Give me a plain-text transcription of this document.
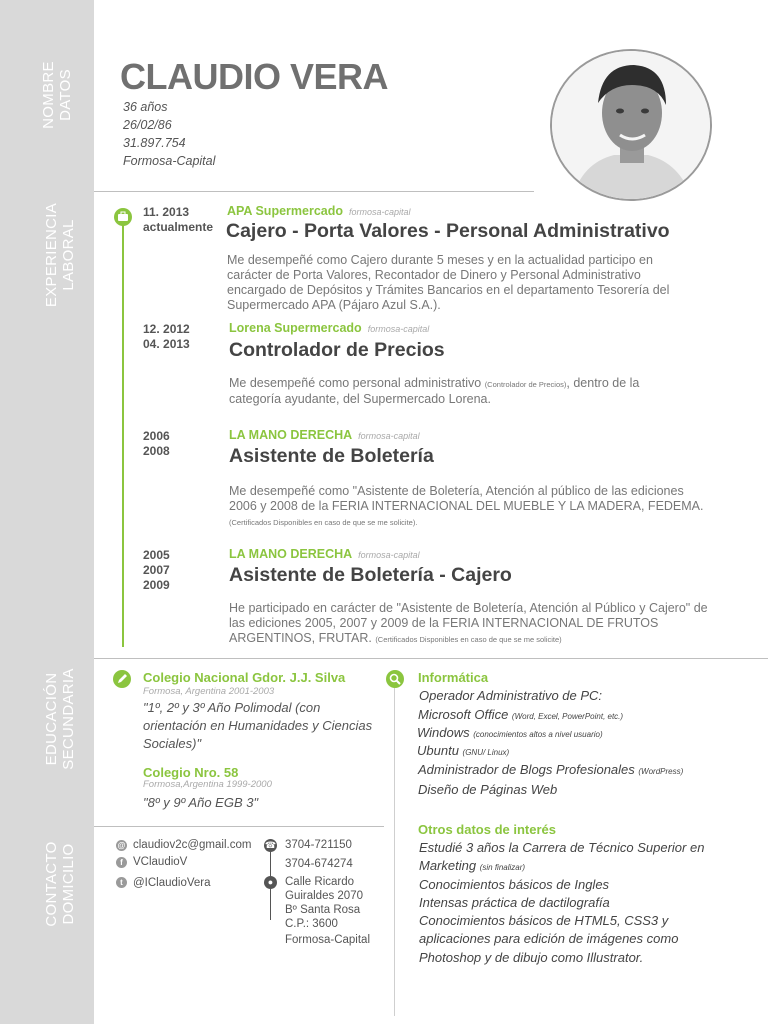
NOMBRE DATOS
EXPERIENCIA LABORAL
EDUCACIÓN SECUNDARIA
CONTACTO DOMICILIO
CLAUDIO VERA
36 años
26/02/86
31.897.754
Formosa-Capital
11. 2013
actualmente
APA Supermercado formosa-capital
Cajero - Porta Valores - Personal Administrativo
Me desempeñé como Cajero durante 5 meses y en la actualidad participo en carácter de Porta Valores, Recontador de Dinero y Personal Administrativo encargado de Depósitos y Trámites Bancarios en el departamento Tesorería del Supermercado APA (Pájaro Azul S.A.).
12. 2012
04. 2013
Lorena Supermercado formosa-capital
Controlador de Precios
Me desempeñé como personal administrativo (Controlador de Precios), dentro de la categoría ayudante, del Supermercado Lorena.
2006
2008
LA MANO DERECHA formosa-capital
Asistente de Boletería
Me desempeñé como "Asistente de Boletería, Atención al público de las ediciones 2006 y 2008 de la FERIA INTERNACIONAL DEL MUEBLE Y LA MADERA, FEDEMA. (Certificados Disponibles en caso de que se me solicite).
2005
2007
2009
LA MANO DERECHA formosa-capital
Asistente de Boletería - Cajero
He participado en carácter de "Asistente de Boletería, Atención al Público y Cajero" de las ediciones 2005, 2007 y 2009 de la FERIA INTERNACIONAL DE FRUTOS ARGENTINOS, FRUTAR. (Certificados Disponibles en caso de que se me solicite)
Colegio Nacional Gdor. J.J. Silva
Formosa, Argentina 2001-2003
"1º, 2º y 3º Año Polimodal (con orientación en Humanidades y Ciencias Sociales)"
Colegio Nro. 58
Formosa,Argentina 1999-2000
"8º y 9º Año EGB 3"
Informática
Operador Administrativo de PC:
Microsoft Office (Word, Excel, PowerPoint, etc.)
Windows (conocimientos altos a nivel usuario)
Ubuntu (GNU/ Linux)
Administrador de Blogs Profesionales (WordPress)
Diseño de Páginas Web
Otros datos de interés
Estudié 3 años la Carrera de Técnico Superior en
Marketing (sin finalizar)
Conocimientos básicos de Ingles
Intensas práctica de dactilografía
Conocimientos básicos de HTML5, CSS3 y
aplicaciones para edición de imágenes como
Photoshop y de dibujo como Illustrator.
@ claudiov2c@gmail.com
f VClaudioV
t @IClaudioVera
☎ 3704-721150
3704-674274
●	Calle Ricardo
Guiraldes 2070
Bº Santa Rosa
C.P.: 3600
Formosa-Capital
